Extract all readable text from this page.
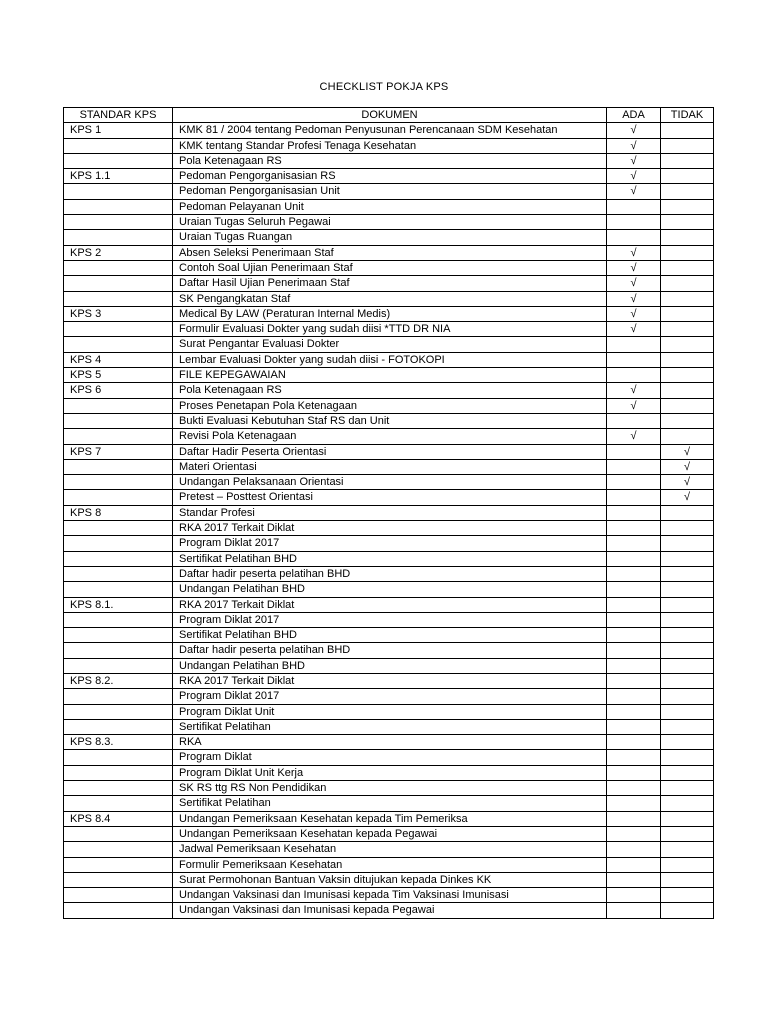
CHECKLIST POKJA KPS
STANDAR KPS	DOKUMEN	ADA	TIDAK
KPS 1	KMK 81 / 2004 tentang Pedoman Penyusunan Perencanaan SDM Kesehatan	√	
	KMK tentang Standar Profesi Tenaga Kesehatan	√	
	Pola Ketenagaan RS	√	
KPS 1.1	Pedoman Pengorganisasian RS	√	
	Pedoman Pengorganisasian Unit	√	
	Pedoman Pelayanan Unit		
	Uraian Tugas Seluruh Pegawai		
	Uraian Tugas Ruangan		
KPS 2	Absen Seleksi Penerimaan Staf	√	
	Contoh Soal Ujian Penerimaan Staf	√	
	Daftar Hasil Ujian Penerimaan Staf	√	
	SK Pengangkatan Staf	√	
KPS 3	Medical By LAW (Peraturan Internal Medis)	√	
	Formulir Evaluasi Dokter yang sudah diisi *TTD DR NIA	√	
	Surat Pengantar Evaluasi Dokter		
KPS 4	Lembar Evaluasi Dokter yang sudah diisi - FOTOKOPI		
KPS 5	FILE KEPEGAWAIAN		
KPS 6	Pola Ketenagaan RS	√	
	Proses Penetapan Pola Ketenagaan	√	
	Bukti Evaluasi Kebutuhan Staf RS dan Unit		
	Revisi Pola Ketenagaan	√	
KPS 7	Daftar Hadir Peserta Orientasi		√
	Materi Orientasi		√
	Undangan Pelaksanaan Orientasi		√
	Pretest – Posttest Orientasi		√
KPS 8	Standar Profesi		
	RKA 2017 Terkait Diklat		
	Program Diklat 2017		
	Sertifikat Pelatihan BHD		
	Daftar hadir peserta pelatihan BHD		
	Undangan Pelatihan BHD		
KPS 8.1.	RKA 2017 Terkait Diklat		
	Program Diklat 2017		
	Sertifikat Pelatihan BHD		
	Daftar hadir peserta pelatihan BHD		
	Undangan Pelatihan BHD		
KPS 8.2.	RKA 2017 Terkait Diklat		
	Program Diklat 2017		
	Program Diklat Unit		
	Sertifikat Pelatihan		
KPS 8.3.	RKA		
	Program Diklat		
	Program Diklat Unit Kerja		
	SK RS ttg RS Non Pendidikan		
	Sertifikat Pelatihan		
KPS 8.4	Undangan Pemeriksaan Kesehatan kepada Tim Pemeriksa		
	Undangan Pemeriksaan Kesehatan kepada Pegawai		
	Jadwal Pemeriksaan Kesehatan		
	Formulir Pemeriksaan Kesehatan		
	Surat Permohonan Bantuan Vaksin ditujukan kepada Dinkes KK		
	Undangan Vaksinasi dan Imunisasi kepada Tim Vaksinasi Imunisasi		
	Undangan Vaksinasi dan Imunisasi kepada Pegawai		
